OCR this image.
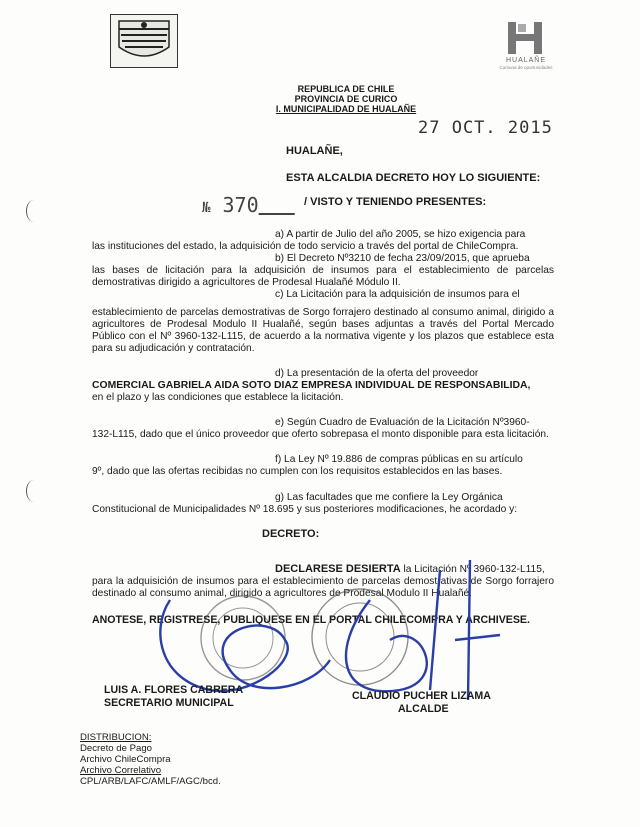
HUALAÑE
Comuna de oportunidades
REPUBLICA DE CHILE
PROVINCIA DE CURICO
I. MUNICIPALIDAD DE HUALAÑE
27 OCT. 2015
HUALAÑE,
ESTA ALCALDIA DECRETO HOY LO SIGUIENTE:
№ 370	/ VISTO Y TENIENDO PRESENTES:
a) A partir de Julio del año 2005, se hizo exigencia para
las instituciones del estado, la adquisición de todo servicio a través del portal de ChileCompra.
b) El Decreto Nº3210 de fecha 23/09/2015, que aprueba
las bases de licitación para la adquisición de insumos para el establecimiento de parcelas demostrativas dirigido a agricultores de Prodesal Hualañé Módulo II.
c) La Licitación para la adquisición de insumos para el
establecimiento de parcelas demostrativas de Sorgo forrajero destinado al consumo animal, dirigido a agricultores de Prodesal Modulo II Hualañé, según bases adjuntas a través del Portal Mercado Público con el Nº 3960-132-L115, de acuerdo a la normativa vigente y los plazos que establece esta para su adjudicación y contratación.
d) La presentación de la oferta del proveedor
COMERCIAL GABRIELA AIDA SOTO DIAZ EMPRESA INDIVIDUAL DE RESPONSABILIDA,
en el plazo y las condiciones que establece la licitación.
e) Según Cuadro de Evaluación de la Licitación Nº3960-
132-L115, dado que el único proveedor que oferto sobrepasa el monto disponible para esta licitación.
f) La Ley Nº 19.886 de compras públicas en su artículo
9º, dado que las ofertas recibidas no cumplen con los requisitos establecidos en las bases.
g) Las facultades que me confiere la Ley Orgánica
Constitucional de Municipalidades Nº 18.695 y sus posteriores modificaciones, he acordado y:
DECRETO:
DECLARESE DESIERTA la Licitación Nº 3960-132-L115,
para la adquisición de insumos para el establecimiento de parcelas demostrativas de Sorgo forrajero destinado al consumo animal, dirigido a agricultores de Prodesal Modulo II Hualañé.
ANOTESE, REGISTRESE, PUBLIQUESE EN EL PORTAL CHILECOMPRA Y ARCHIVESE.
LUIS A. FLORES CABRERA
SECRETARIO MUNICIPAL
CLAUDIO PUCHER LIZAMA
ALCALDE
DISTRIBUCION:
Decreto de Pago
Archivo ChileCompra
Archivo Correlativo
CPL/ARB/LAFC/AMLF/AGC/bcd.
